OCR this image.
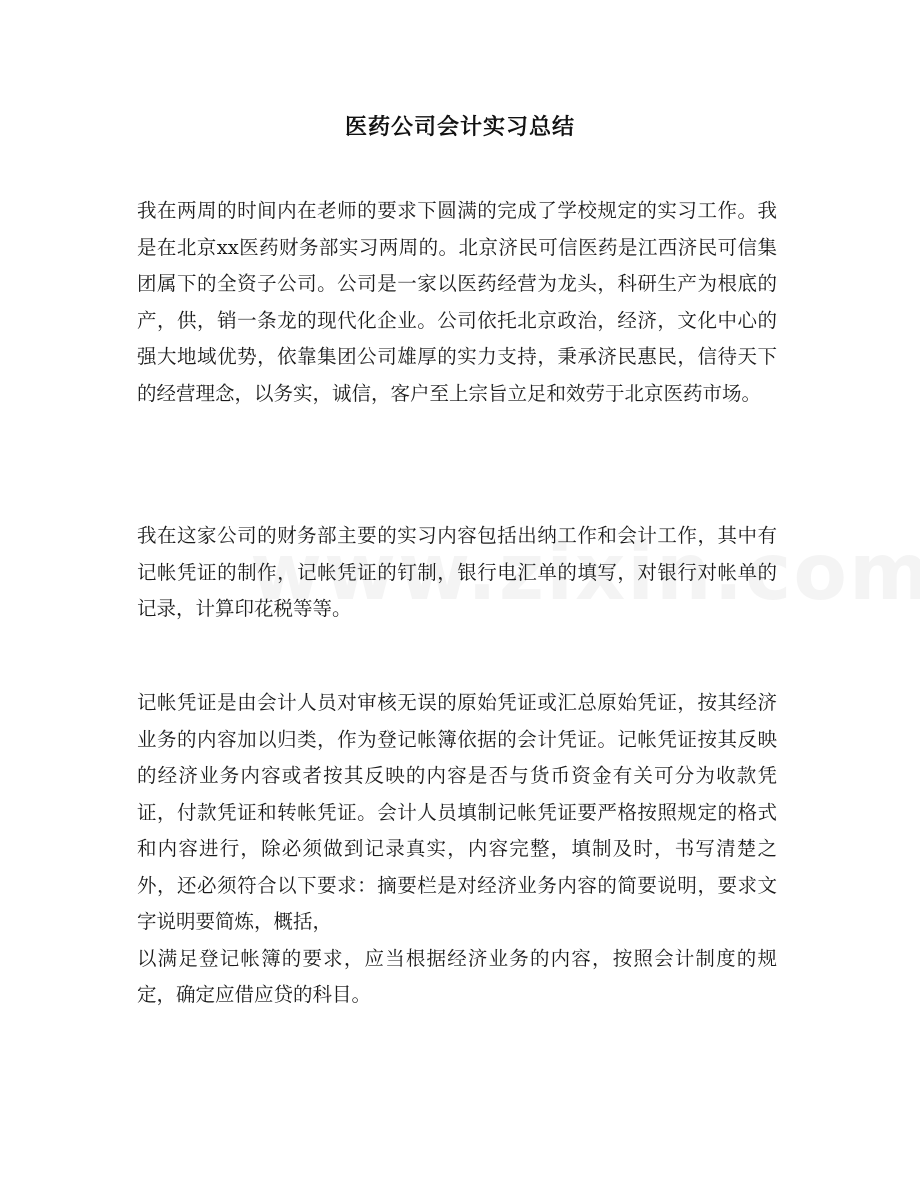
医药公司会计实习总结

我在两周的时间内在老师的要求下圆满的完成了学校规定的实习工作。我是在北京xx医药财务部实习两周的。北京济民可信医药是江西济民可信集团属下的全资子公司。公司是一家以医药经营为龙头，科研生产为根底的产，供，销一条龙的现代化企业。公司依托北京政治，经济，文化中心的强大地域优势，依靠集团公司雄厚的实力支持，秉承济民惠民，信待天下的经营理念，以务实，诚信，客户至上宗旨立足和效劳于北京医药市场。

我在这家公司的财务部主要的实习内容包括出纳工作和会计工作，其中有记帐凭证的制作，记帐凭证的钉制，银行电汇单的填写，对银行对帐单的记录，计算印花税等等。

记帐凭证是由会计人员对审核无误的原始凭证或汇总原始凭证，按其经济业务的内容加以归类，作为登记帐簿依据的会计凭证。记帐凭证按其反映的经济业务内容或者按其反映的内容是否与货币资金有关可分为收款凭证，付款凭证和转帐凭证。会计人员填制记帐凭证要严格按照规定的格式和内容进行，除必须做到记录真实，内容完整，填制及时，书写清楚之外，还必须符合以下要求：摘要栏是对经济业务内容的简要说明，要求文字说明要简炼，概括，
以满足登记帐簿的要求，应当根据经济业务的内容，按照会计制度的规定，确定应借应贷的科目。
